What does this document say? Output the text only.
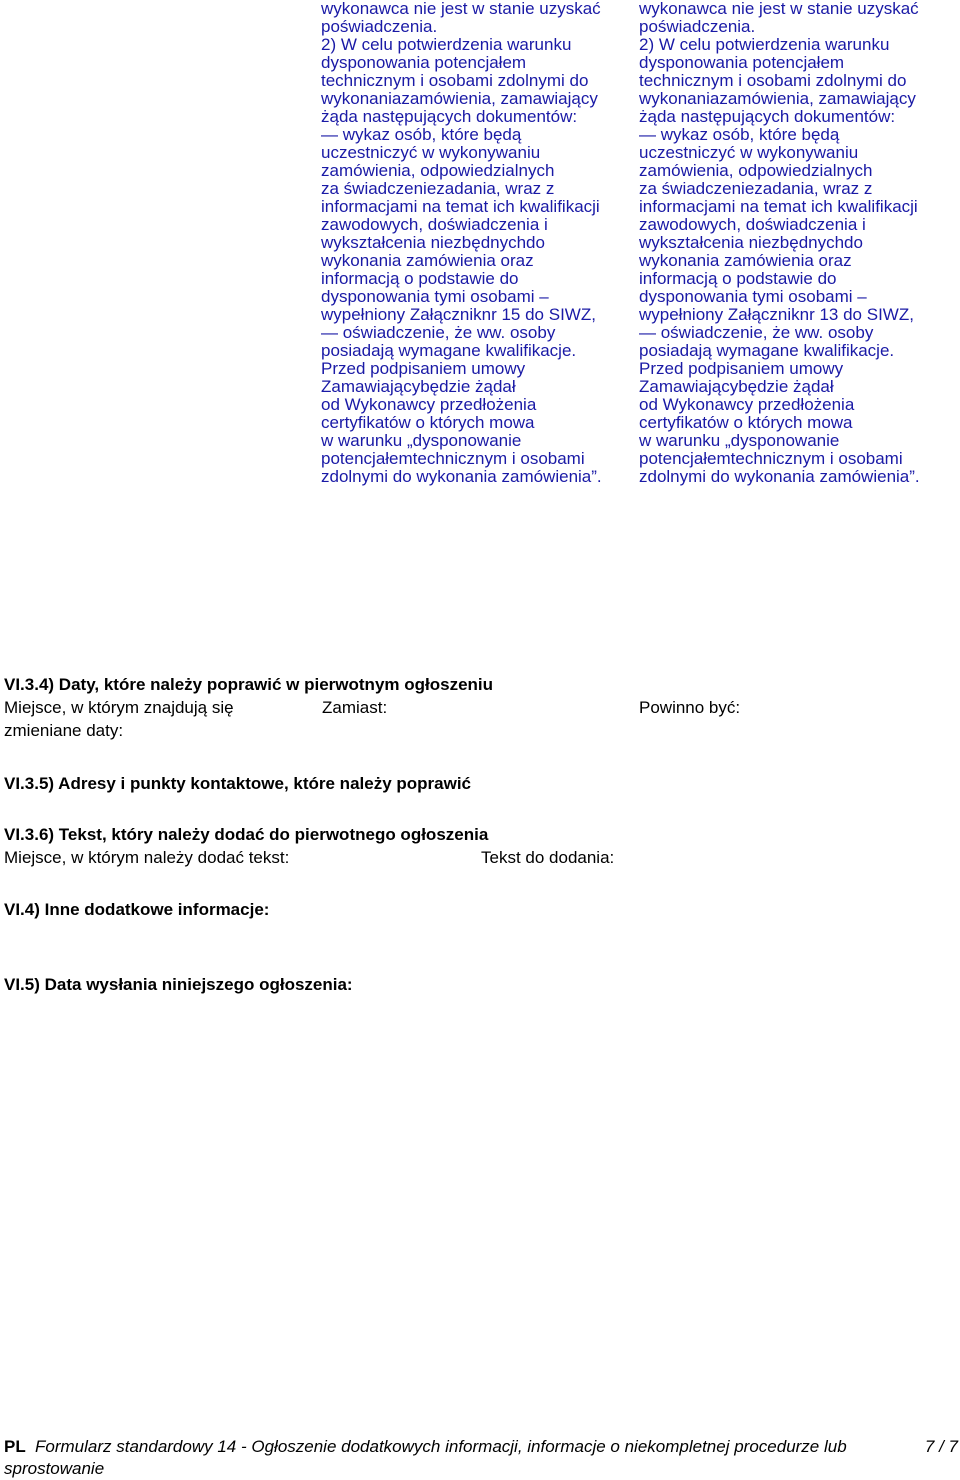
wykonawca nie jest w stanie uzyskać
poświadczenia.
2) W celu potwierdzenia warunku
dysponowania potencjałem
technicznym i osobami zdolnymi do
wykonaniazamówienia, zamawiający
żąda następujących dokumentów:
— wykaz osób, które będą
uczestniczyć w wykonywaniu
zamówienia, odpowiedzialnych
za świadczeniezadania, wraz z
informacjami na temat ich kwalifikacji
zawodowych, doświadczenia i
wykształcenia niezbędnychdo
wykonania zamówienia oraz
informacją o podstawie do
dysponowania tymi osobami –
wypełniony Załączniknr 15 do SIWZ,
— oświadczenie, że ww. osoby
posiadają wymagane kwalifikacje.
Przed podpisaniem umowy
Zamawiającybędzie żądał
od Wykonawcy przedłożenia
certyfikatów o których mowa
w warunku „dysponowanie
potencjałemtechnicznym i osobami
zdolnymi do wykonania zamówienia”.
wykonawca nie jest w stanie uzyskać
poświadczenia.
2) W celu potwierdzenia warunku
dysponowania potencjałem
technicznym i osobami zdolnymi do
wykonaniazamówienia, zamawiający
żąda następujących dokumentów:
— wykaz osób, które będą
uczestniczyć w wykonywaniu
zamówienia, odpowiedzialnych
za świadczeniezadania, wraz z
informacjami na temat ich kwalifikacji
zawodowych, doświadczenia i
wykształcenia niezbędnychdo
wykonania zamówienia oraz
informacją o podstawie do
dysponowania tymi osobami –
wypełniony Załączniknr 13 do SIWZ,
— oświadczenie, że ww. osoby
posiadają wymagane kwalifikacje.
Przed podpisaniem umowy
Zamawiającybędzie żądał
od Wykonawcy przedłożenia
certyfikatów o których mowa
w warunku „dysponowanie
potencjałemtechnicznym i osobami
zdolnymi do wykonania zamówienia”.
VI.3.4) Daty, które należy poprawić w pierwotnym ogłoszeniu
Miejsce, w którym znajdują się
zmieniane daty:
Zamiast:	Powinno być:
VI.3.5) Adresy i punkty kontaktowe, które należy poprawić
VI.3.6) Tekst, który należy dodać do pierwotnego ogłoszenia
Miejsce, w którym należy dodać tekst:	Tekst do dodania:
VI.4) Inne dodatkowe informacje:
VI.5) Data wysłania niniejszego ogłoszenia:
PL Formularz standardowy 14 - Ogłoszenie dodatkowych informacji, informacje o niekompletnej procedurze lub
sprostowanie
7 / 7
